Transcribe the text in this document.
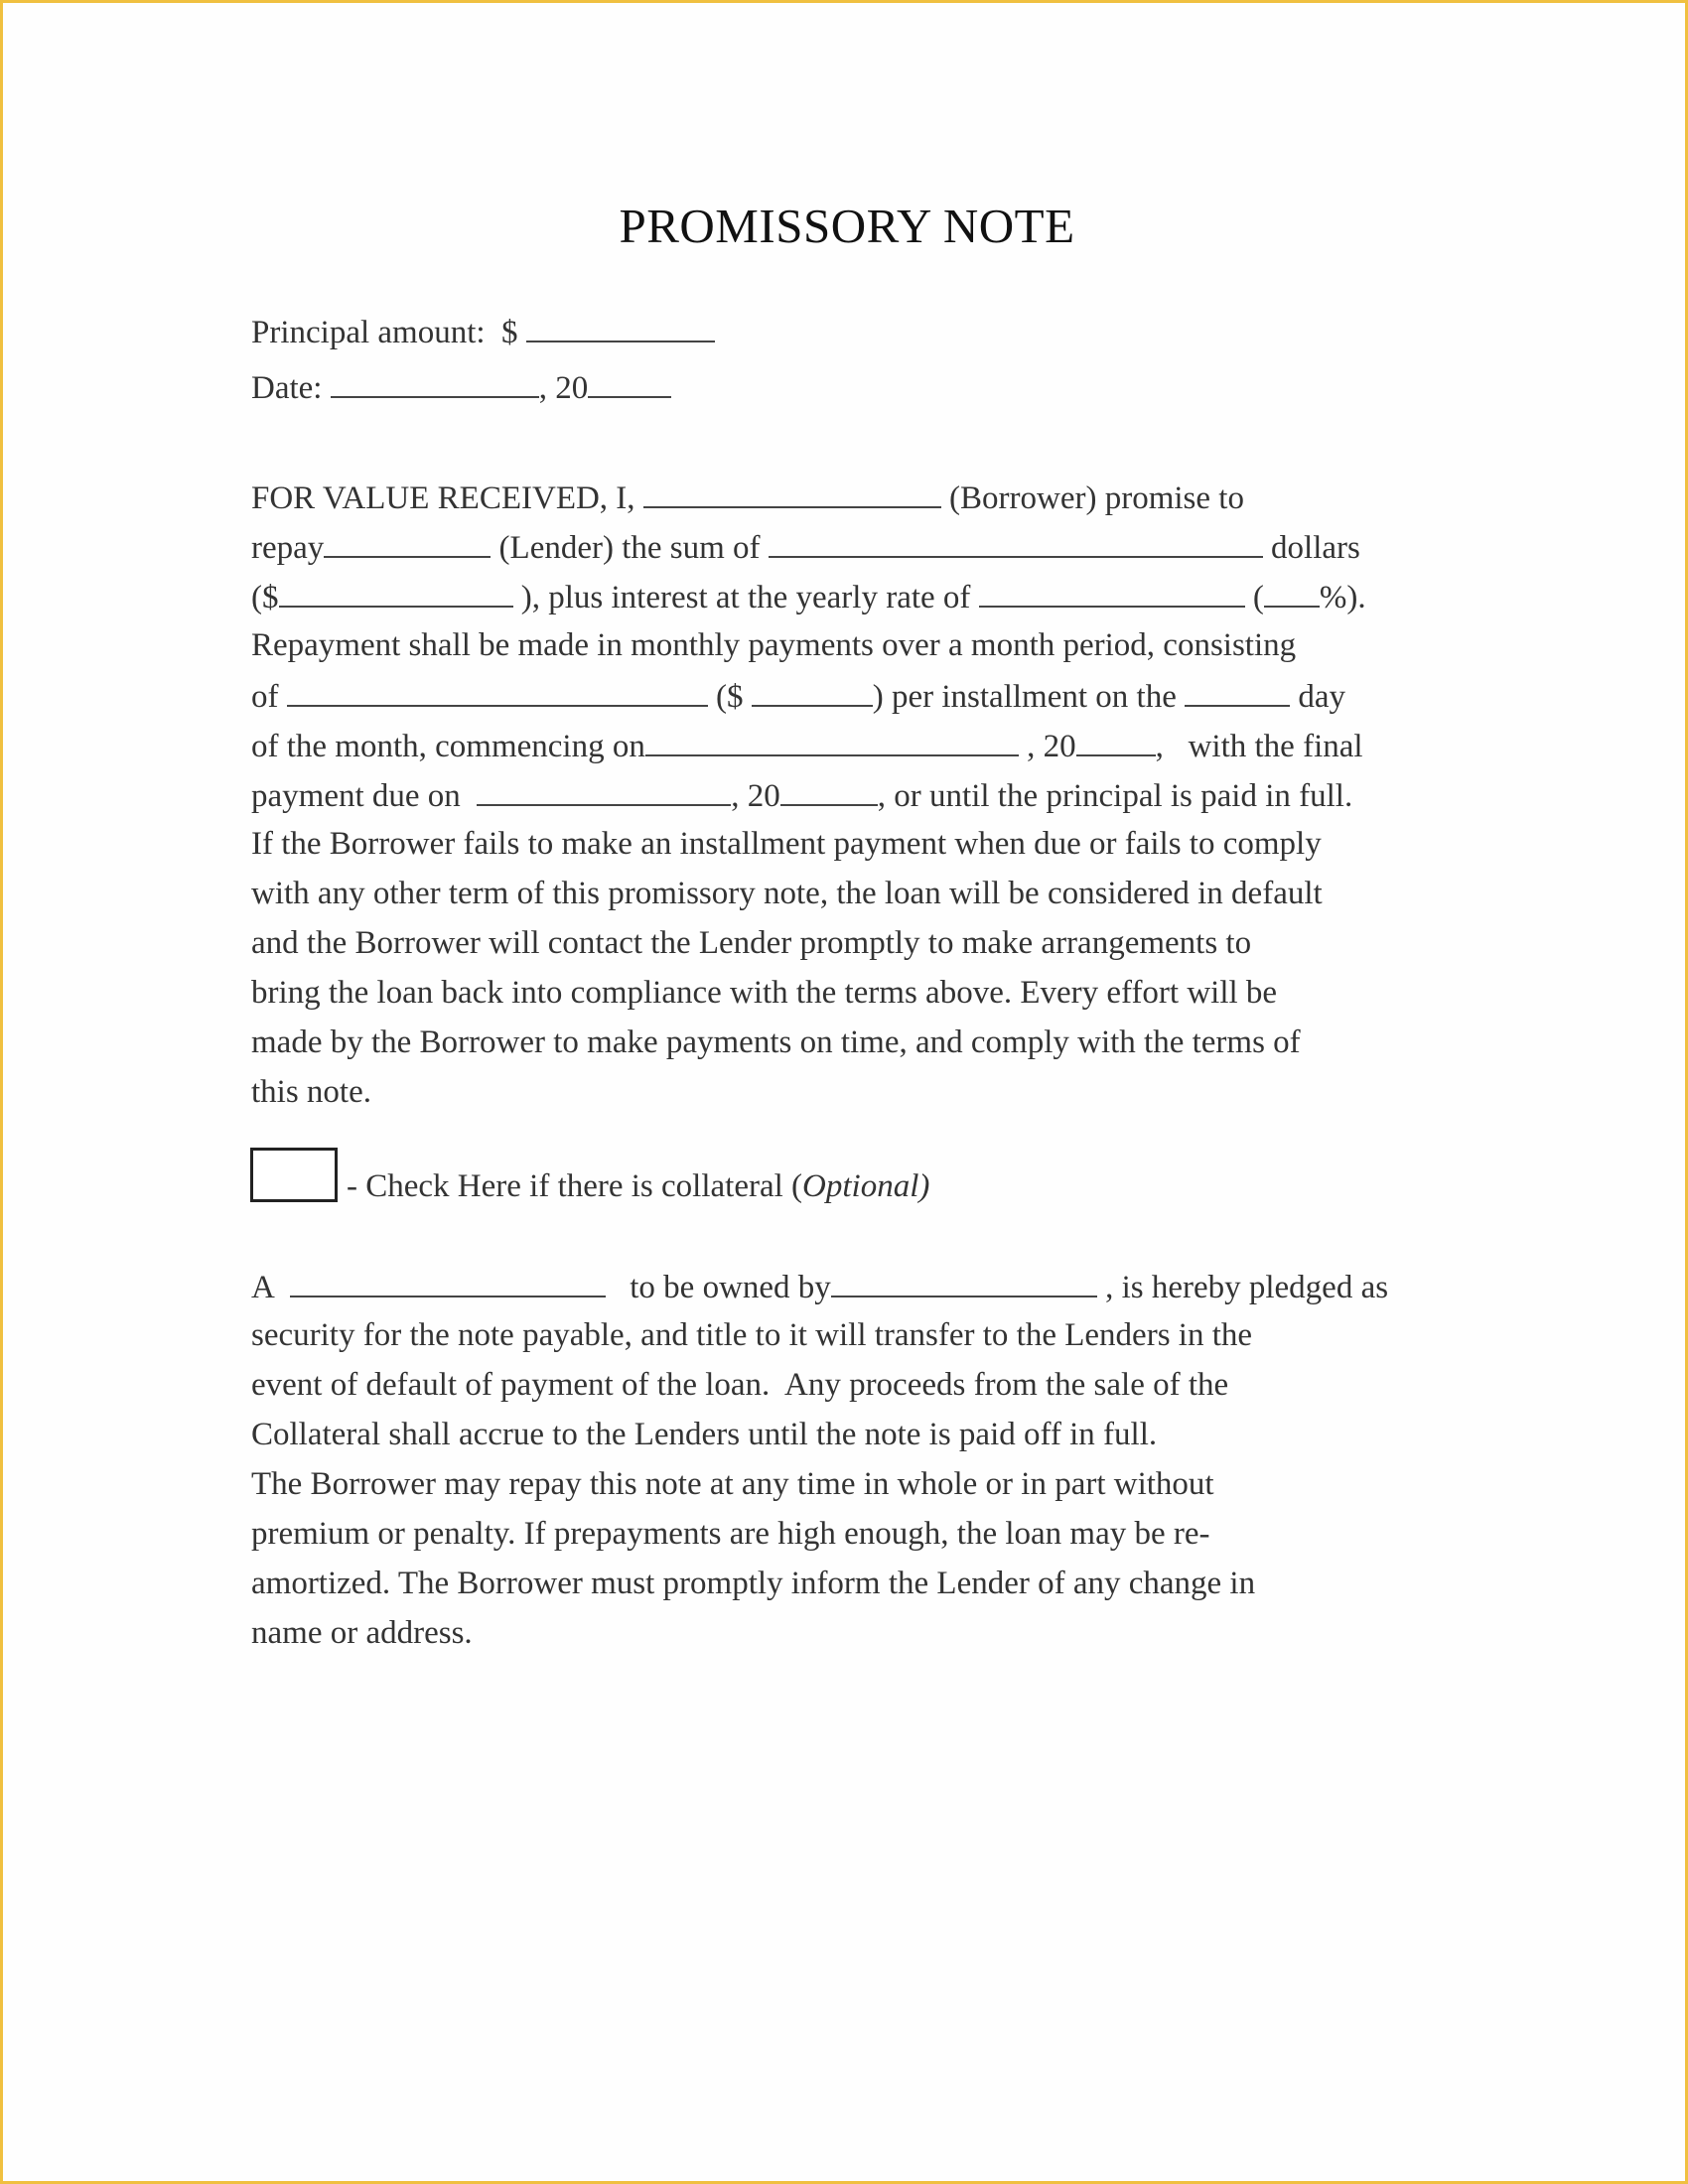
PROMISSORY NOTE
Principal amount:  $
Date:	, 20
FOR VALUE RECEIVED, I,	(Borrower) promise to
repay	(Lender) the sum of	dollars
($	), plus interest at the yearly rate of	( %).
Repayment shall be made in monthly payments over a month period, consisting
of	($	) per installment on the	day
of the month, commencing on	, 20 ,   with the final
payment due on	, 20	, or until the principal is paid in full.
If the Borrower fails to make an installment payment when due or fails to comply
with any other term of this promissory note, the loan will be considered in default
and the Borrower will contact the Lender promptly to make arrangements to
bring the loan back into compliance with the terms above. Every effort will be
made by the Borrower to make payments on time, and comply with the terms of
this note.
- Check Here if there is collateral (Optional)
A	to be owned by	, is hereby pledged as
security for the note payable, and title to it will transfer to the Lenders in the
event of default of payment of the loan.  Any proceeds from the sale of the
Collateral shall accrue to the Lenders until the note is paid off in full.
The Borrower may repay this note at any time in whole or in part without
premium or penalty. If prepayments are high enough, the loan may be re-
amortized. The Borrower must promptly inform the Lender of any change in
name or address.
